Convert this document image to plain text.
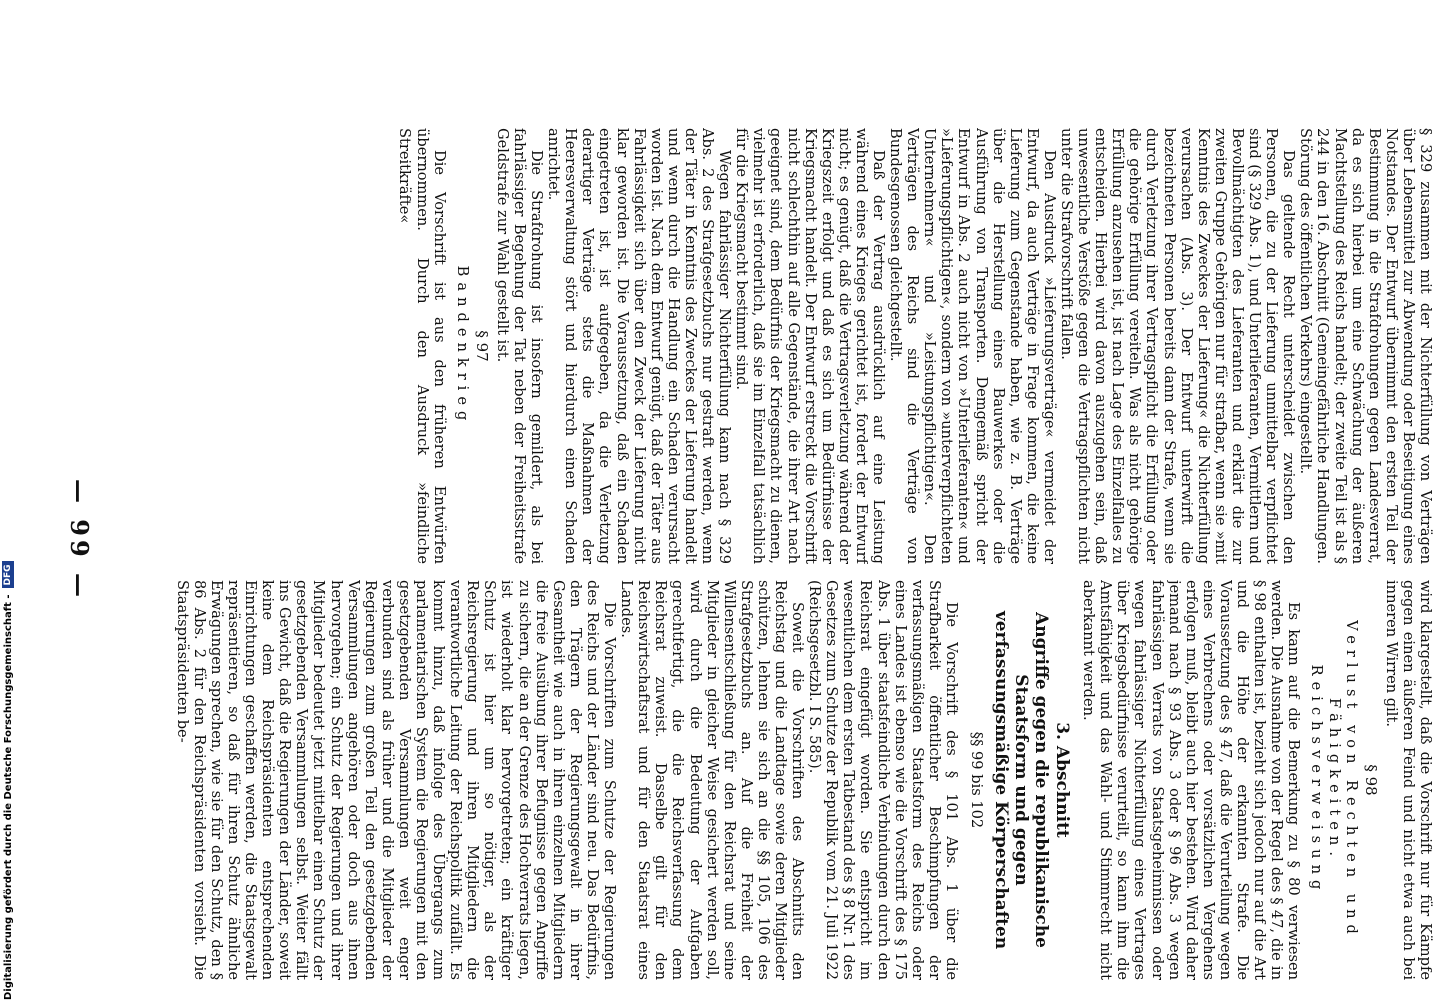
§ 329 zusammen mit der Nichterfüllung von Verträgen über Lebensmittel zur Abwendung oder Beseitigung eines Notstandes. Der Entwurf übernimmt den ersten Teil der Bestimmung in die Strafdrohungen gegen Landesverrat, da es sich hierbei um eine Schwächung der äußeren Machtstellung des Reichs handelt; der zweite Teil ist als § 244 in den 16. Abschnitt (Gemeingefährliche Handlungen. Störung des öffentlichen Verkehrs) eingestellt.

Das geltende Recht unterscheidet zwischen den Personen, die zu der Lieferung unmittelbar verpflichtet sind (§ 329 Abs. 1), und Unterlieferanten, Vermittlern und Bevollmächtigten des Lieferanten und erklärt die zur zweiten Gruppe Gehörigen nur für strafbar, wenn sie »mit Kenntnis des Zweckes der Lieferung« die Nichterfüllung verursachen (Abs. 3). Der Entwurf unterwirft die bezeichneten Personen bereits dann der Strafe, wenn sie durch Verletzung ihrer Vertragspflicht die Erfüllung oder die gehörige Erfüllung vereiteln. Was als nicht gehörige Erfüllung anzusehen ist, ist nach Lage des Einzelfalles zu entscheiden. Hierbei wird davon auszugehen sein, daß unwesentliche Verstöße gegen die Vertragspflichten nicht unter die Strafvorschrift fallen.

Den Ausdruck »Lieferungsverträge« vermeidet der Entwurf, da auch Verträge in Frage kommen, die keine Lieferung zum Gegenstande haben, wie z. B. Verträge über die Herstellung eines Bauwerkes oder die Ausführung von Transporten. Demgemäß spricht der Entwurf in Abs. 2 auch nicht von »Unterlieferanten« und »Lieferungspflichtigen«, sondern von »unterverpflichteten Unternehmern« und »Leistungspflichtigen«. Den Verträgen des Reichs sind die Verträge von Bundesgenossen gleichgestellt.

Daß der Vertrag ausdrücklich auf eine Leistung während eines Krieges gerichtet ist, fordert der Entwurf nicht; es genügt, daß die Vertragsverletzung während der Kriegszeit erfolgt und daß es sich um Bedürfnisse der Kriegsmacht handelt. Der Entwurf erstreckt die Vorschrift nicht schlechthin auf alle Gegenstände, die ihrer Art nach geeignet sind, dem Bedürfnis der Kriegsmacht zu dienen, vielmehr ist erforderlich, daß sie im Einzelfall tatsächlich für die Kriegsmacht bestimmt sind.

Wegen fahrlässiger Nichterfüllung kann nach § 329 Abs. 2 des Strafgesetzbuchs nur gestraft werden, wenn der Täter in Kenntnis des Zweckes der Lieferung handelt und wenn durch die Handlung ein Schaden verursacht worden ist. Nach dem Entwurf genügt, daß der Täter aus Fahrlässigkeit sich über den Zweck der Lieferung nicht klar geworden ist. Die Voraussetzung, daß ein Schaden eingetreten ist, ist aufgegeben, da die Verletzung derartiger Verträge stets die Maßnahmen der Heeresverwaltung stört und hierdurch einen Schaden anrichtet.

Die Strafdrohung ist insofern gemildert, als bei fahrlässiger Begehung der Tat neben der Freiheitsstrafe Geldstrafe zur Wahl gestellt ist.

§ 97
Bandenkrieg

Die Vorschrift ist aus den früheren Entwürfen übernommen. Durch den Ausdruck »feindliche Streitkräfte«

wird klargestellt, daß die Vorschrift nur für Kämpfe gegen einen äußeren Feind und nicht etwa auch bei inneren Wirren gilt.

§ 98
Verlust von Rechten und Fähigkeiten. Reichsverweisung

Es kann auf die Bemerkung zu § 80 verwiesen werden. Die Ausnahme von der Regel des § 47, die in § 98 enthalten ist, bezieht sich jedoch nur auf die Art und die Höhe der erkannten Strafe. Die Voraussetzung des § 47, daß die Verurteilung wegen eines Verbrechens oder vorsätzlichen Vergehens erfolgen muß, bleibt auch hier bestehen. Wird daher jemand nach § 93 Abs. 3 oder § 96 Abs. 3 wegen fahrlässigen Verrats von Staatsgeheimnissen oder wegen fahrlässiger Nichterfüllung eines Vertrages über Kriegsbedürfnisse verurteilt, so kann ihm die Amtsfähigkeit und das Wahl- und Stimmrecht nicht aberkannt werden.

3. Abschnitt
Angriffe gegen die republikanische Staatsform und gegen verfassungsmäßige Körperschaften
§§ 99 bis 102

Die Vorschrift des § 101 Abs. 1 über die Strafbarkeit öffentlicher Beschimpfungen der verfassungsmäßigen Staatsform des Reichs oder eines Landes ist ebenso wie die Vorschrift des § 175 Abs. 1 über staatsfeindliche Verbindungen durch den Reichsrat eingefügt worden. Sie entspricht im wesentlichen dem ersten Tatbestand des § 8 Nr. 1 des Gesetzes zum Schutze der Republik vom 21. Juli 1922 (Reichsgesetzbl. I S. 585).

Soweit die Vorschriften des Abschnitts den Reichstag und die Landtage sowie deren Mitglieder schützen, lehnen sie sich an die §§ 105, 106 des Strafgesetzbuchs an. Auf die Freiheit der Willensentschließung für den Reichsrat und seine Mitglieder in gleicher Weise gesichert werden soll, wird durch die Bedeutung der Aufgaben gerechtfertigt, die die Reichsverfassung dem Reichsrat zuweist. Dasselbe gilt für den Reichswirtschaftsrat und für den Staatsrat eines Landes.

Die Vorschriften zum Schutze der Regierungen des Reichs und der Länder sind neu. Das Bedürfnis, den Trägern der Regierungsgewalt in ihrer Gesamtheit wie auch in ihren einzelnen Mitgliedern die freie Ausübung ihrer Befugnisse gegen Angriffe zu sichern, die an der Grenze des Hochverrats liegen, ist wiederholt klar hervorgetreten; ein kräftiger Schutz ist hier um so nötiger, als der Reichsregierung und ihren Mitgliedern die verantwortliche Leitung der Reichspolitik zufällt. Es kommt hinzu, daß infolge des Übergangs zum parlamentarischen System die Regierungen mit den gesetzgebenden Versammlungen weit enger verbunden sind als früher und die Mitglieder der Regierungen zum großen Teil den gesetzgebenden Versammlungen angehören oder doch aus ihnen hervorgehen; ein Schutz der Regierungen und ihrer Mitglieder bedeutet jetzt mittelbar einen Schutz der gesetzgebenden Versammlungen selbst. Weiter fällt ins Gewicht, daß die Regierungen der Länder, soweit keine dem Reichspräsidenten entsprechenden Einrichtungen geschaffen werden, die Staatsgewalt repräsentieren, so daß für ihren Schutz ähnliche Erwägungen sprechen, wie sie für den Schutz, den § 86 Abs. 2 für den Reichspräsidenten vorsieht. Die Staatspräsidenten be-

— 99 —
Digitalisierung gefördert durch die Deutsche Forschungsgemeinschaft -
DFG
